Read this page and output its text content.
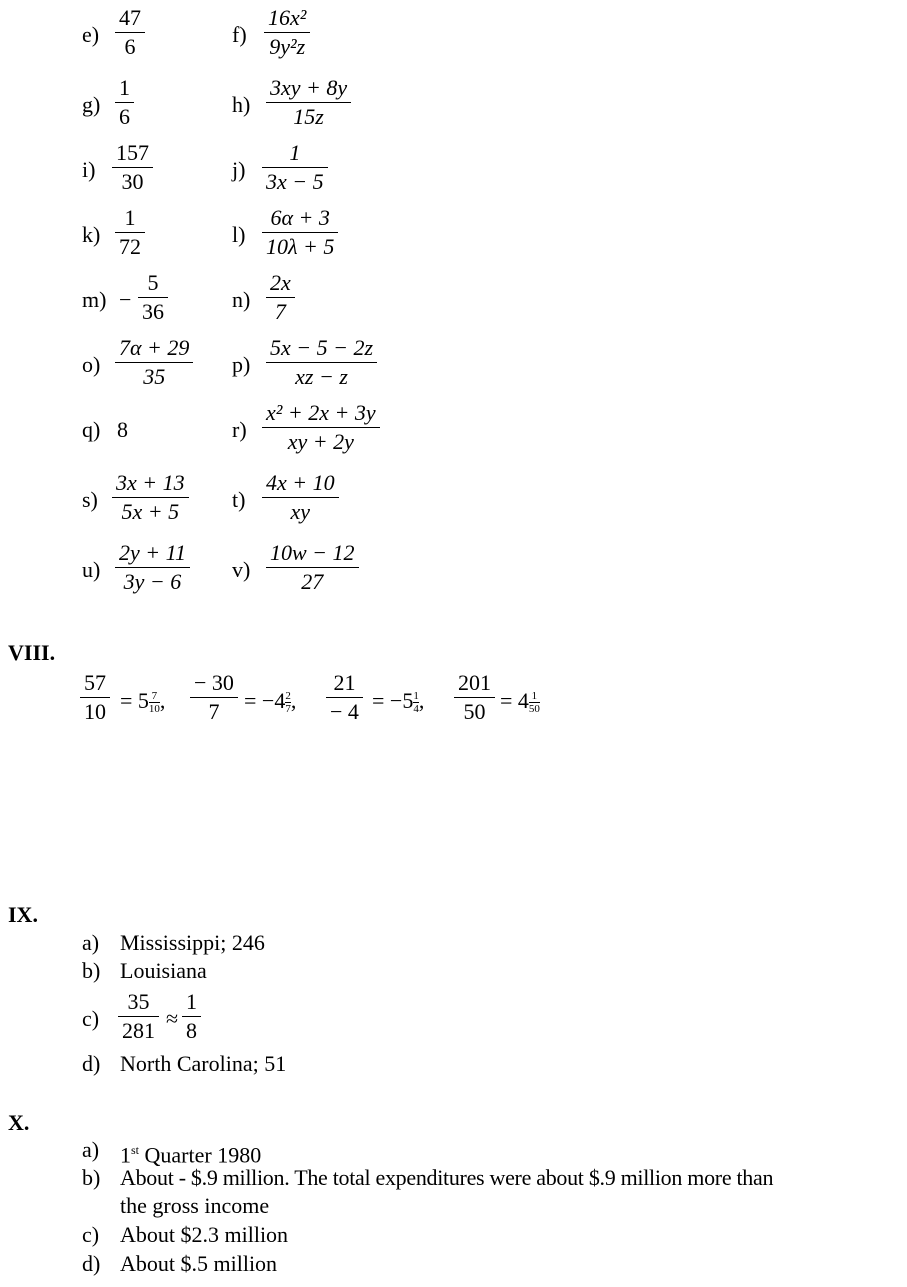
$e) \frac{47}{6}$	$f) \frac{\text{16x²}}{\text{9y²z}}$
$g) \frac{1}{6}$	$h) \frac{3xy + 8y}{15z}$
$i) \frac{157}{30}$	$j) \frac{1}{3x - 5}$
$k) \frac{1}{72}$	$l) \frac{6\alpha + 3}{10\lambda + 5}$
$m) - \frac{5}{36}$	$n) \frac{2x}{7}$
$o) \frac{7\alpha + 29}{35} p) \frac{5x - 5 - 2z}{xz - z}$
q) 8	$r) \frac{\text{x² + 2x + 3y}}{xy + 2y}$
$s) \frac{3x + 13}{5x + 5} t) \frac{4x + 10}{xy}$
$u) \frac{2y + 11}{3y - 6} v) \frac{10w - 12}{27}$
VIII.
$\frac{57}{10} = 5 \frac{7}{10}$, $\frac{- 30}{7} = -4 \frac{2}{7}$, $\frac{21}{- 4} = -5 \frac{1}{4}$, $\frac{201}{50} = 4 \frac{1}{50}$
IX.
a) Mississippi; 246
b) Louisiana
$c) \frac{35}{281} \approx \frac{1}{8}$
d) North Carolina; 51
X.
a) 1st Quarter 1980
b) About - $.9 million. The total expenditures were about $.9 million more than
the gross income
c) About $2.3 million
d) About $.5 million
